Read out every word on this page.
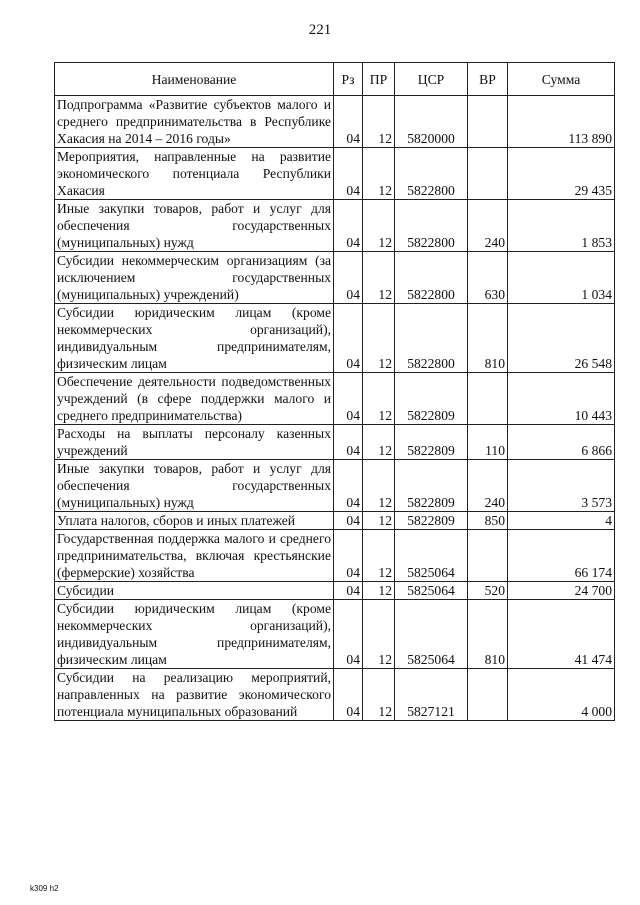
221
Наименование	Рз	ПР	ЦСР	ВР	Сумма
Подпрограмма «Развитие субъектов малого и среднего предпринимательства в Республике Хакасия на 2014 – 2016 годы»	04	12	5820000		113 890
Мероприятия, направленные на развитие экономического потенциала Республики Хакасия	04	12	5822800		29 435
Иные закупки товаров, работ и услуг для обеспечения государственных (муниципальных) нужд	04	12	5822800	240	1 853
Субсидии некоммерческим организациям (за исключением государственных (муниципальных) учреждений)	04	12	5822800	630	1 034
Субсидии юридическим лицам (кроме некоммерческих организаций), индивидуальным предпринимателям, физическим лицам	04	12	5822800	810	26 548
Обеспечение деятельности подведомственных учреждений (в сфере поддержки малого и среднего предпринимательства)	04	12	5822809		10 443
Расходы на выплаты персоналу казенных учреждений	04	12	5822809	110	6 866
Иные закупки товаров, работ и услуг для обеспечения государственных (муниципальных) нужд	04	12	5822809	240	3 573
Уплата налогов, сборов и иных платежей	04	12	5822809	850	4
Государственная поддержка малого и среднего предпринимательства, включая крестьянские (фермерские) хозяйства	04	12	5825064		66 174
Субсидии	04	12	5825064	520	24 700
Субсидии юридическим лицам (кроме некоммерческих организаций), индивидуальным предпринимателям, физическим лицам	04	12	5825064	810	41 474
Субсидии на реализацию мероприятий, направленных на развитие экономического потенциала муниципальных образований	04	12	5827121		4 000
k309 h2
